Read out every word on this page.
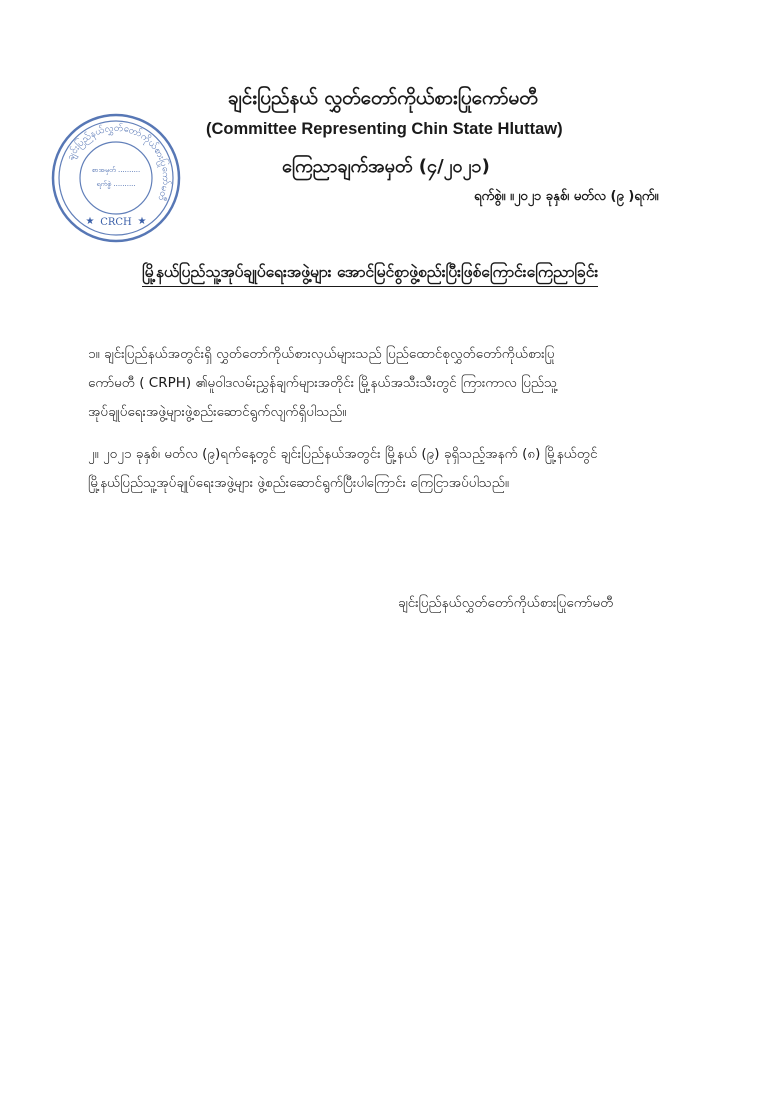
ချင်းပြည်နယ်လွှတ်တော်ကိုယ်စားပြုကော်မတီ
စာအမှတ် ..........
ရက်စွဲ ..........
CRCH
★	★
ချင်းပြည်နယ် လွှတ်တော်ကိုယ်စားပြုကော်မတီ
(Committee Representing Chin State Hluttaw)
ကြေညာချက်အမှတ် (၄/၂၀၂၁)
ရက်စွဲ။ ။၂၀၂၁ ခုနှစ်၊ မတ်လ (၉ )ရက်။
မြို့နယ်ပြည်သူ့အုပ်ချုပ်ရေးအဖွဲ့များ အောင်မြင်စွာဖွဲ့စည်းပြီးဖြစ်ကြောင်းကြေညာခြင်း
၁။ ချင်းပြည်နယ်အတွင်းရှိ လွှတ်တော်ကိုယ်စားလှယ်များသည် ပြည်ထောင်စုလွှတ်တော်ကိုယ်စားပြု
ကော်မတီ ( CRPH) ၏မူဝါဒလမ်းညွှန်ချက်များအတိုင်း မြို့နယ်အသီးသီးတွင် ကြားကာလ ပြည်သူ့
အုပ်ချုပ်ရေးအဖွဲ့များဖွဲ့စည်းဆောင်ရွက်လျက်ရှိပါသည်။
၂။ ၂၀၂၁ ခုနှစ်၊ မတ်လ (၉)ရက်နေ့တွင် ချင်းပြည်နယ်အတွင်း မြို့နယ် (၉) ခုရှိသည့်အနက် (၈) မြို့နယ်တွင်
မြို့နယ်ပြည်သူ့အုပ်ချုပ်ရေးအဖွဲ့များ ဖွဲ့စည်းဆောင်ရွက်ပြီးပါကြောင်း ကြေငြာအပ်ပါသည်။
ချင်းပြည်နယ်လွှတ်တော်ကိုယ်စားပြုကော်မတီ
